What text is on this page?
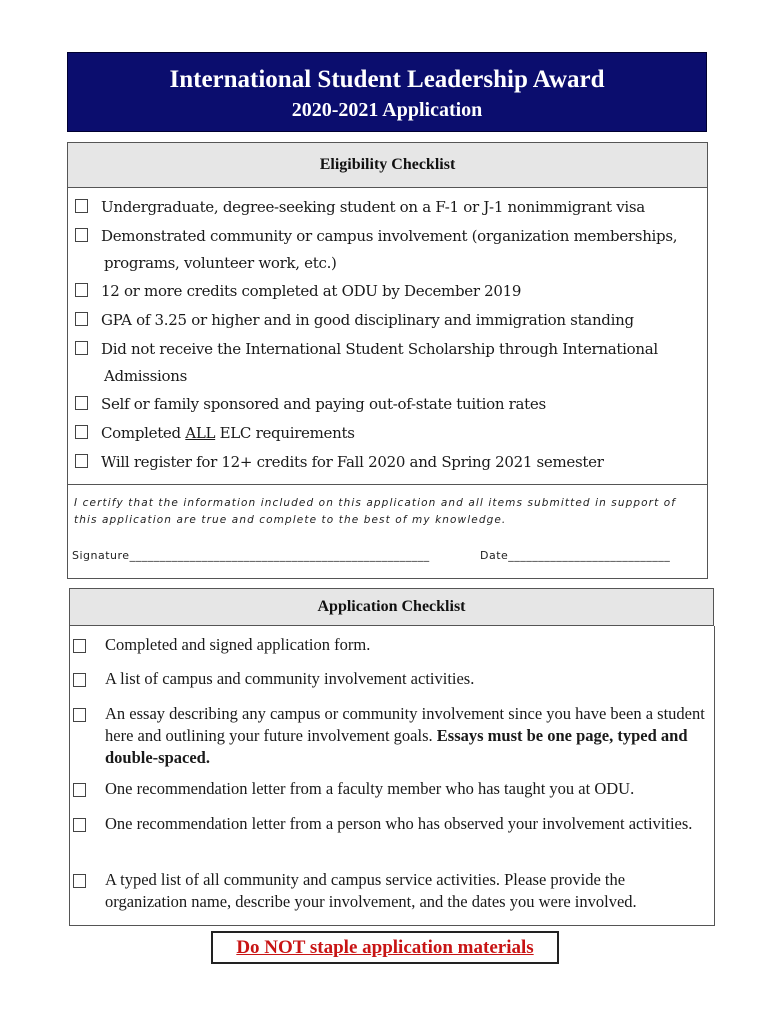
International Student Leadership Award
2020-2021 Application
Eligibility Checklist
Undergraduate, degree-seeking student on a F-1 or J-1 nonimmigrant visa
Demonstrated community or campus involvement (organization memberships,
programs, volunteer work, etc.)
12 or more credits completed at ODU by December 2019
GPA of 3.25 or higher and in good disciplinary and immigration standing
Did not receive the International Student Scholarship through International
Admissions
Self or family sponsored and paying out-of-state tuition rates
Completed ALL ELC requirements
Will register for 12+ credits for Fall 2020 and Spring 2021 semester
I certify that the information included on this application and all items submitted in support of this application are true and complete to the best of my knowledge.
Signature__________________________________________________	Date___________________________
Application Checklist
Completed and signed application form.
A list of campus and community involvement activities.
An essay describing any campus or community involvement since you have been a student here and outlining your future involvement goals. Essays must be one page, typed and double-spaced.
One recommendation letter from a faculty member who has taught you at ODU.
One recommendation letter from a person who has observed your involvement activities.
A typed list of all community and campus service activities. Please provide the organization name, describe your involvement, and the dates you were involved.
Do NOT staple application materials
